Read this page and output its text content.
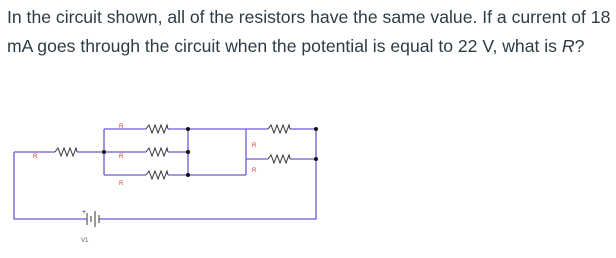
In the circuit shown, all of the resistors have the same value. If a current of 18 mA goes through the circuit when the potential is equal to 22 V, what is R?

+
V1
R
R
R
R
R
R
